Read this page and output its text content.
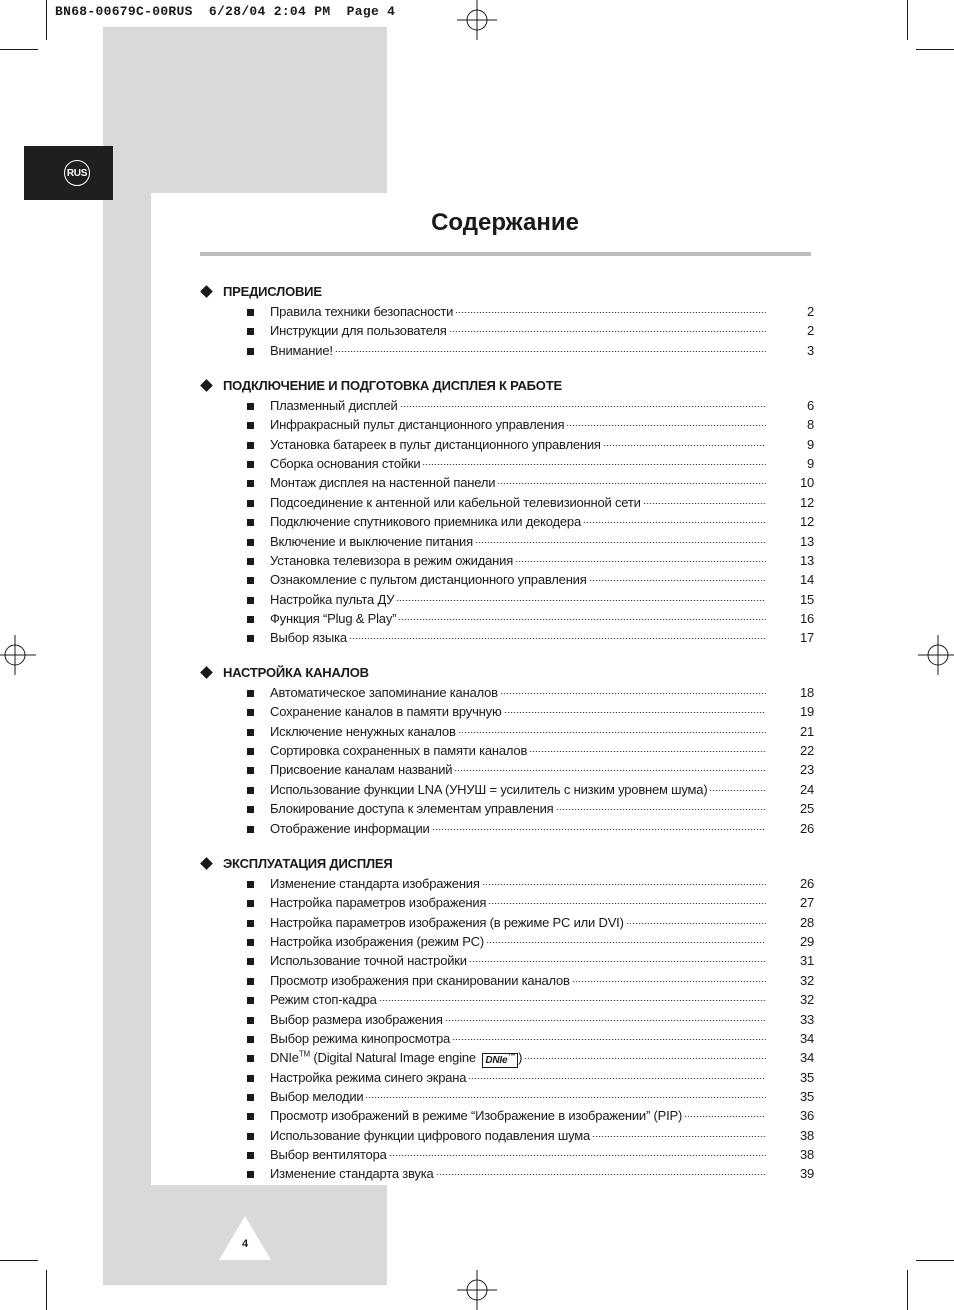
BN68-00679C-00RUS  6/28/04 2:04 PM  Page 4
RUS
Содержание
ПРЕДИСЛОВИЕ
Правила техники безопасности	2
Инструкции для пользователя	2
Внимание!	3
ПОДКЛЮЧЕНИЕ И ПОДГОТОВКА ДИСПЛЕЯ К РАБОТЕ
Плазменный дисплей	6
Инфракрасный пульт дистанционного управления	8
Установка батареек в пульт дистанционного управления	9
Сборка основания стойки	9
Монтаж дисплея на настенной панели	10
Подсоединение к антенной или кабельной телевизионной сети	12
Подключение спутникового приемника или декодера	12
Включение и выключение питания	13
Установка телевизора в режим ожидания	13
Ознакомление с пультом дистанционного управления	14
Настройка пульта ДУ	15
Функция “Plug & Play”	16
Выбор языка	17
НАСТРОЙКА КАНАЛОВ
Автоматическое запоминание каналов	18
Сохранение каналов в памяти вручную	19
Исключение ненужных каналов	21
Сортировка сохраненных в памяти каналов	22
Присвоение каналам названий	23
Использование функции LNA (УНУШ = усилитель с низким уровнем шума)	24
Блокирование доступа к элементам управления	25
Отображение информации	26
ЭКСПЛУАТАЦИЯ ДИСПЛЕЯ
Изменение стандарта изображения	26
Настройка параметров изображения	27
Настройка параметров изображения (в режиме PC или DVI)	28
Настройка изображения (режим PC)	29
Использование точной настройки	31
Просмотр изображения при сканировании каналов	32
Режим стоп-кадра	32
Выбор размера изображения	33
Выбор режима кинопросмотра	34
DNIe™ (Digital Natural Image engine DNIe™ )	34
Настройка режима синего экрана	35
Выбор мелодии	35
Просмотр изображений в режиме “Изображение в изображении” (PIP)	36
Использование функции цифрового подавления шума	38
Выбор вентилятора	38
Изменение стандарта звука	39
4
